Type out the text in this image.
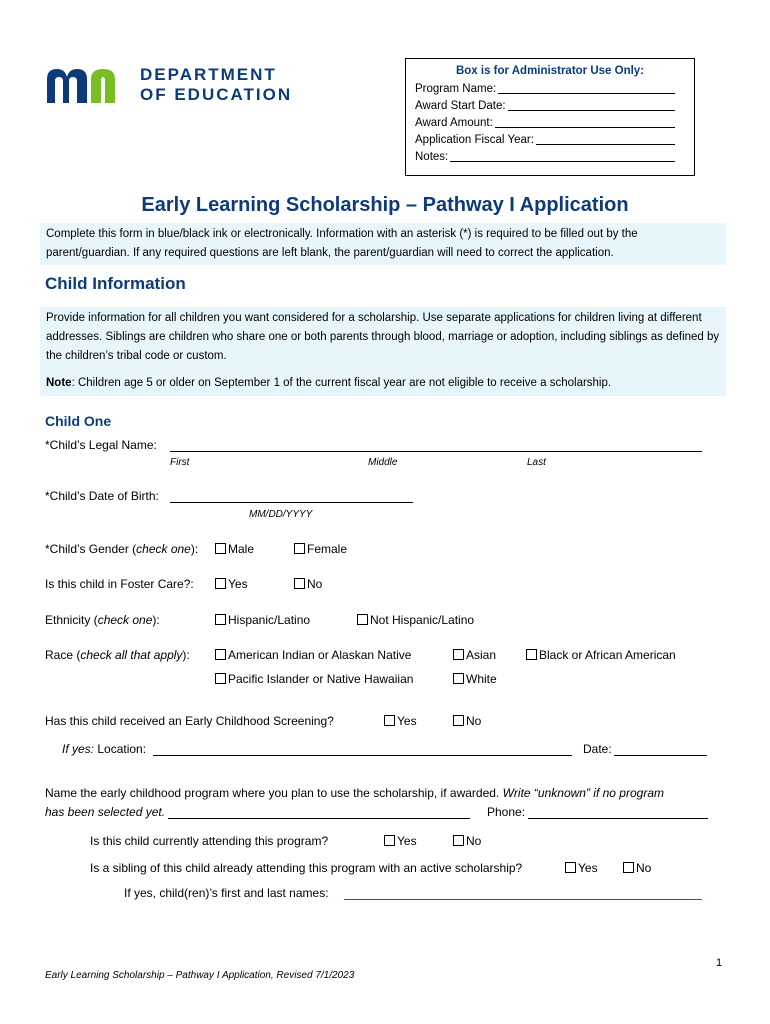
DEPARTMENT
OF EDUCATION
Box is for Administrator Use Only:
Program Name:
Award Start Date:
Award Amount:
Application Fiscal Year:
Notes:
Early Learning Scholarship – Pathway I Application
Complete this form in blue/black ink or electronically. Information with an asterisk (*) is required to be filled out by the parent/guardian. If any required questions are left blank, the parent/guardian will need to correct the application.
Child Information
Provide information for all children you want considered for a scholarship. Use separate applications for children living at different addresses. Siblings are children who share one or both parents through blood, marriage or adoption, including siblings as defined by the children’s tribal code or custom.
Note: Children age 5 or older on September 1 of the current fiscal year are not eligible to receive a scholarship.
Child One
*Child’s Legal Name:
First	Middle	Last
*Child’s Date of Birth:
MM/DD/YYYY
*Child’s Gender (check one):	Male	Female
Is this child in Foster Care?:	Yes	No
Ethnicity (check one):	Hispanic/Latino	Not Hispanic/Latino
Race (check all that apply):	American Indian or Alaskan Native	Asian	Black or African American
Pacific Islander or Native Hawaiian	White
Has this child received an Early Childhood Screening?	Yes	No
If yes: Location:	Date:
Name the early childhood program where you plan to use the scholarship, if awarded. Write “unknown” if no program
has been selected yet.	Phone:
Is this child currently attending this program?	Yes	No
Is a sibling of this child already attending this program with an active scholarship?	Yes	No
If yes, child(ren)’s first and last names:
1
Early Learning Scholarship – Pathway I Application, Revised 7/1/2023
